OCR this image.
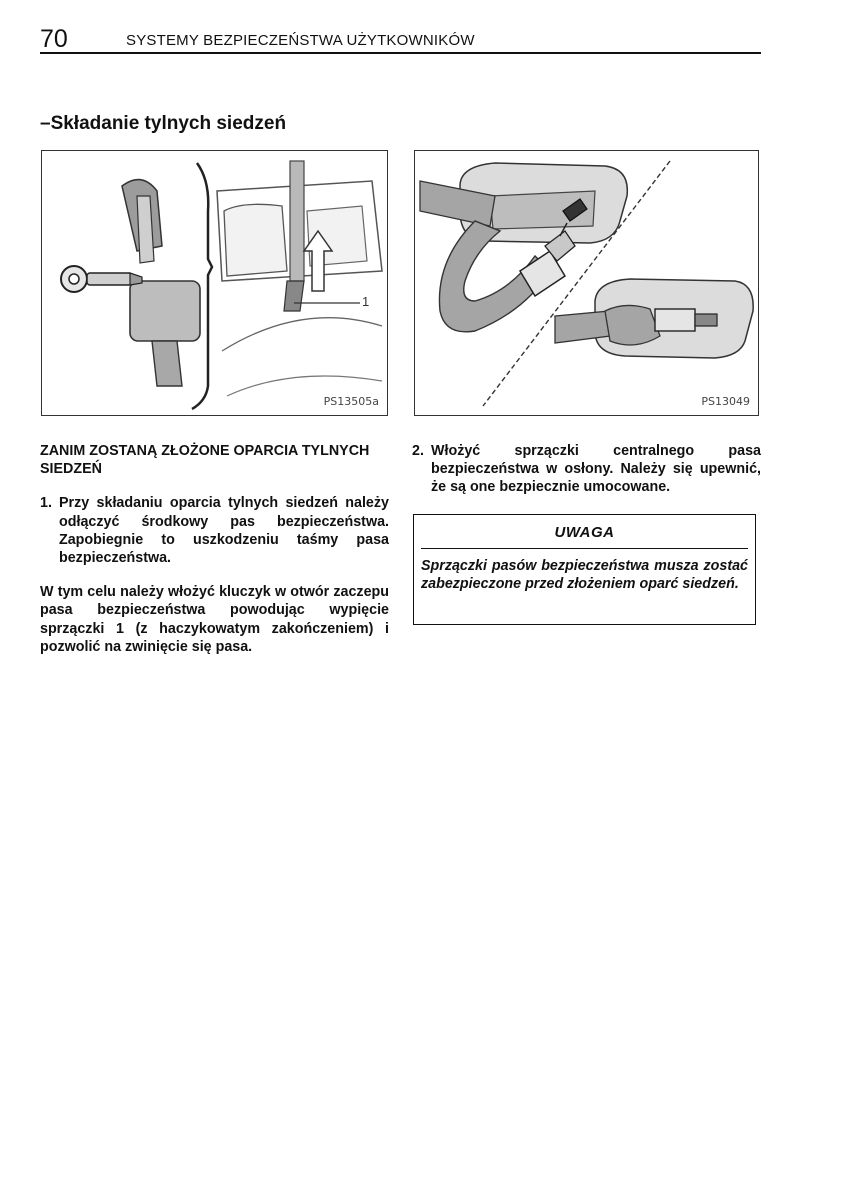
70	SYSTEMY BEZPIECZEŃSTWA UŻYTKOWNIKÓW
–Składanie tylnych siedzeń
1
PS13505a	PS13049

ZANIM ZOSTANĄ ZŁOŻONE OPARCIA TYLNYCH SIEDZEŃ

1. Przy składaniu oparcia tylnych siedzeń należy odłączyć środkowy pas bezpieczeństwa. Zapobiegnie to uszkodzeniu taśmy pasa bezpieczeństwa.

W tym celu należy włożyć kluczyk w otwór zaczepu pasa bezpieczeństwa powodując wypięcie sprzączki 1 (z haczykowatym zakończeniem) i pozwolić na zwinięcie się pasa.

2. Włożyć sprzączki centralnego pasa bezpieczeństwa w osłony. Należy się upewnić, że są one bezpiecznie umocowane.
UWAGA
Sprzączki pasów bezpieczeństwa musza zostać zabezpieczone przed złożeniem oparć siedzeń.
